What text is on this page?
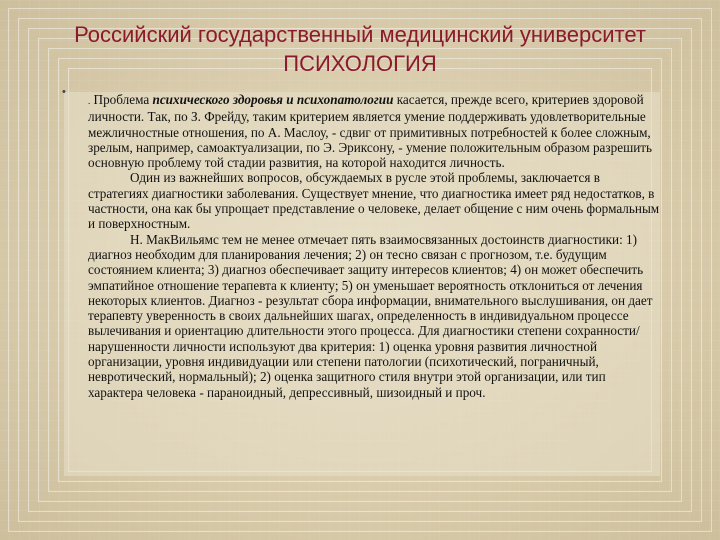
Российский государственный медицинский университет
ПСИХОЛОГИЯ
•

. Проблема психического здоровья и психопатологии касается, прежде всего, критериев здоровой личности. Так, по З. Фрейду, таким критерием является умение поддерживать удовлетворительные межличностные отношения, по А. Маслоу, - сдвиг от примитивных потребностей к более сложным, зрелым, например, самоактуализации, по Э. Эриксону, - умение положительным образом разрешить основную проблему той стадии развития, на которой находится личность.

Один из важнейших вопросов, обсуждаемых в русле этой проблемы, заключается в стратегиях диагностики заболевания. Существует мнение, что диагностика имеет ряд недостатков, в частности, она как бы упрощает представление о человеке, делает общение с ним очень формальным и поверхностным.

Н. МакВильямс тем не менее отмечает пять взаимосвязанных достоинств диагностики: 1) диагноз необходим для планирования лечения; 2) он тесно связан с прогнозом, т.е. будущим состоянием клиента; 3) диагноз обеспечивает защиту интересов клиентов; 4) он может обеспечить эмпатийное отношение терапевта к клиенту; 5) он уменьшает вероятность отклониться от лечения некоторых клиентов. Диагноз - результат сбора информации, внимательного выслушивания, он дает терапевту уверенность в своих дальнейших шагах, определенность в индивидуальном процессе вылечивания и ориентацию длительности этого процесса. Для диагностики степени сохранности/нарушенности личности используют два критерия: 1) оценка уровня развития личностной организации, уровня индивидуации или степени патологии (психотический, пограничный, невротический, нормальный); 2) оценка защитного стиля внутри этой организации, или тип характера человека - параноидный, депрессивный, шизоидный и проч.
